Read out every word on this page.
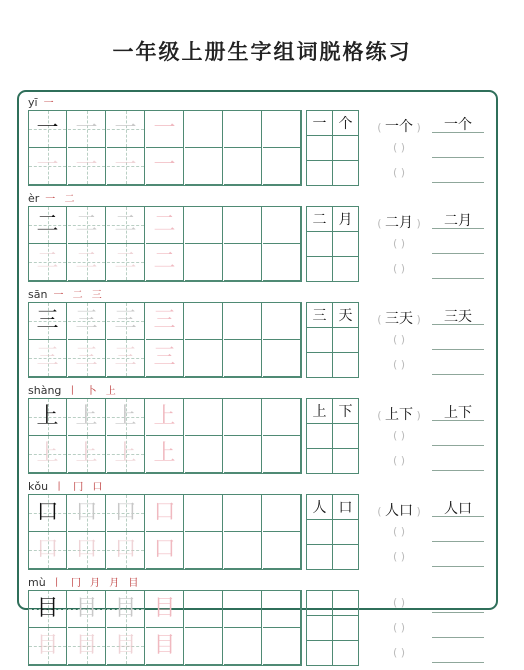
一年级上册生字组词脱格练习
yī 一
一 一 一 一
一 一 一 一
一 个	( 一个 )
( )
( )
一个
èr 一 二
二 二 二 二
二 二 二 二
二 月	( 二月 )
( )
( )
二月
sān 一 二 三
三 三 三 三
三 三 三 三
三 天	( 三天 )
( )
( )
三天
shàng 丨 卜 上
上 上 上 上
上 上 上 上
上 下	( 上下 )
( )
( )
上下
kǒu 丨 冂 口
口 口 口 口
口 口 口 口
人 口	( 人口 )
( )
( )
人口
mù 丨 冂 月 月 目
目 目 目 目
目 目 目 目
( )
( )
( )
